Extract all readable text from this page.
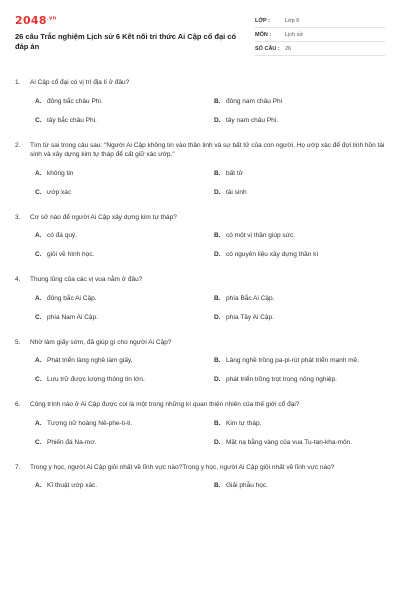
$2048^{.vn}$
26 câu Trắc nghiệm Lịch sử 6 Kết nối tri thức Ai Cập cổ đại có đáp án
LỚP :	Lớp 6
MÔN :	Lịch sử
SỐ CÂU : 26
1.	Ai Cập cổ đại có vị trí địa lí ở đâu?
A. đông bắc châu Phi.	B. đông nam châu Phi
C. tây bắc châu Phi.	D. tây nam châu Phi.
2.	Tìm từ sai trong câu sau: "Người Ai Cập không tin vào thần linh và sự bất tử của con người. Họ ướp xác để đợi linh hồn tái sinh và xây dựng kim tự tháp để cất giữ xác ướp."
A. không tin	B. bất tử
C. ướp xác	D. tái sinh
3.	Cơ sở nào để người Ai Cập xây dựng kim tự tháp?
A. có đá quý.	B. có một vị thần giúp sức.
C. giỏi về hình học.	D. có nguyên liệu xây dựng thần kì
4.	Thung lũng của các vị vua nằm ở đâu?
A. đông bắc Ai Cập.	B. phía Bắc Ai Cập.
C. phía Nam Ai Cập.	D. phía Tây Ai Cập.
5.	Nhờ làm giấy sớm, đã giúp gì cho người Ai Cập?
A. Phát triển làng nghề làm giấy.	B. Làng nghề trồng pa-pi-rút phát triển mạnh mẽ.
C. Lưu trữ được lượng thông tin lớn.	D. phát triển trồng trọt trong nông nghiệp.
6.	Công trình nào ở Ai Cập được coi là một trong những kì quan thiên nhiên của thế giới cổ đại?
A. Tượng nữ hoàng Nê-phe-ti-ti.	B. Kim tự tháp.
C. Phiến đá Na-mơ.	D. Mặt nạ bằng vàng của vua Tu-tan-kha-môn.
7.	Trong y học, người Ai Cập giỏi nhất về lĩnh vực nào?Trong y học, người Ai Cập giỏi nhất về lĩnh vực nào?
A. Kĩ thuật ướp xác.	B. Giải phẫu học.
